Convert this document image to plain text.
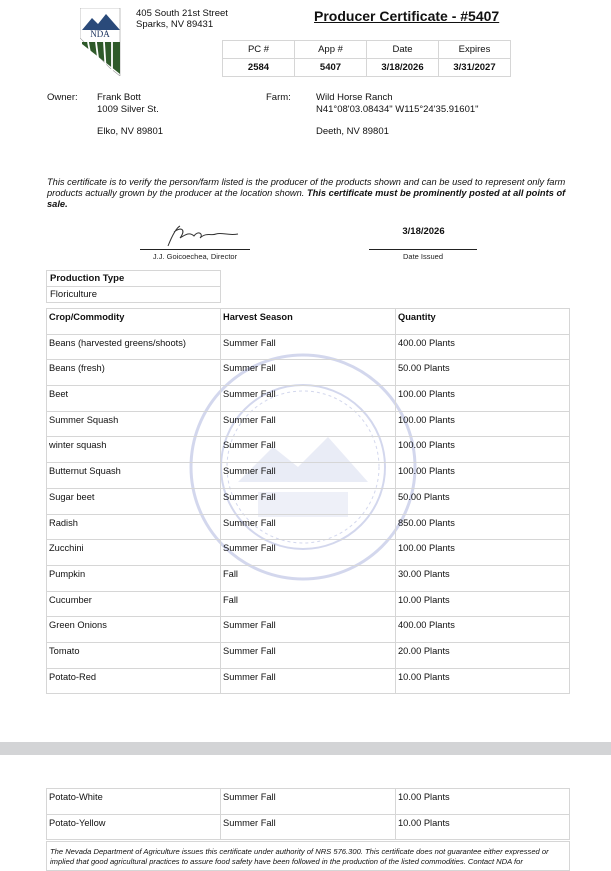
NDA
405 South 21st Street
Sparks, NV 89431
Producer Certificate - #5407
PC #	App #	Date	Expires
2584	5407	3/18/2026	3/31/2027
Owner: Frank Bott
1009 Silver St.
Elko, NV 89801
Farm:	Wild Horse Ranch
N41°08'03.08434" W115°24'35.91601"
Deeth, NV 89801
This certificate is to verify the person/farm listed is the producer of the products shown and can be used to represent only farm products actually grown by the producer at the location shown. This certificate must be prominently posted at all points of sale.
J.J. Goicoechea, Director
3/18/2026
Date Issued
Production Type
Floriculture
Crop/Commodity	Harvest Season	Quantity
Beans (harvested greens/shoots)	Summer Fall	400.00 Plants
Beans (fresh)	Summer Fall	50.00 Plants
Beet	Summer Fall	100.00 Plants
Summer Squash	Summer Fall	100.00 Plants
winter squash	Summer Fall	100.00 Plants
Butternut Squash	Summer Fall	100.00 Plants
Sugar beet	Summer Fall	50.00 Plants
Radish	Summer Fall	850.00 Plants
Zucchini	Summer Fall	100.00 Plants
Pumpkin	Fall	30.00 Plants
Cucumber	Fall	10.00 Plants
Green Onions	Summer Fall	400.00 Plants
Tomato	Summer Fall	20.00 Plants
Potato-Red	Summer Fall	10.00 Plants
Potato-White	Summer Fall	10.00 Plants
Potato-Yellow	Summer Fall	10.00 Plants
The Nevada Department of Agriculture issues this certificate under authority of NRS 576.300. This certificate does not guarantee either expressed or implied that good agricultural practices to assure food safety have been followed in the production of the listed commodities. Contact NDA for
